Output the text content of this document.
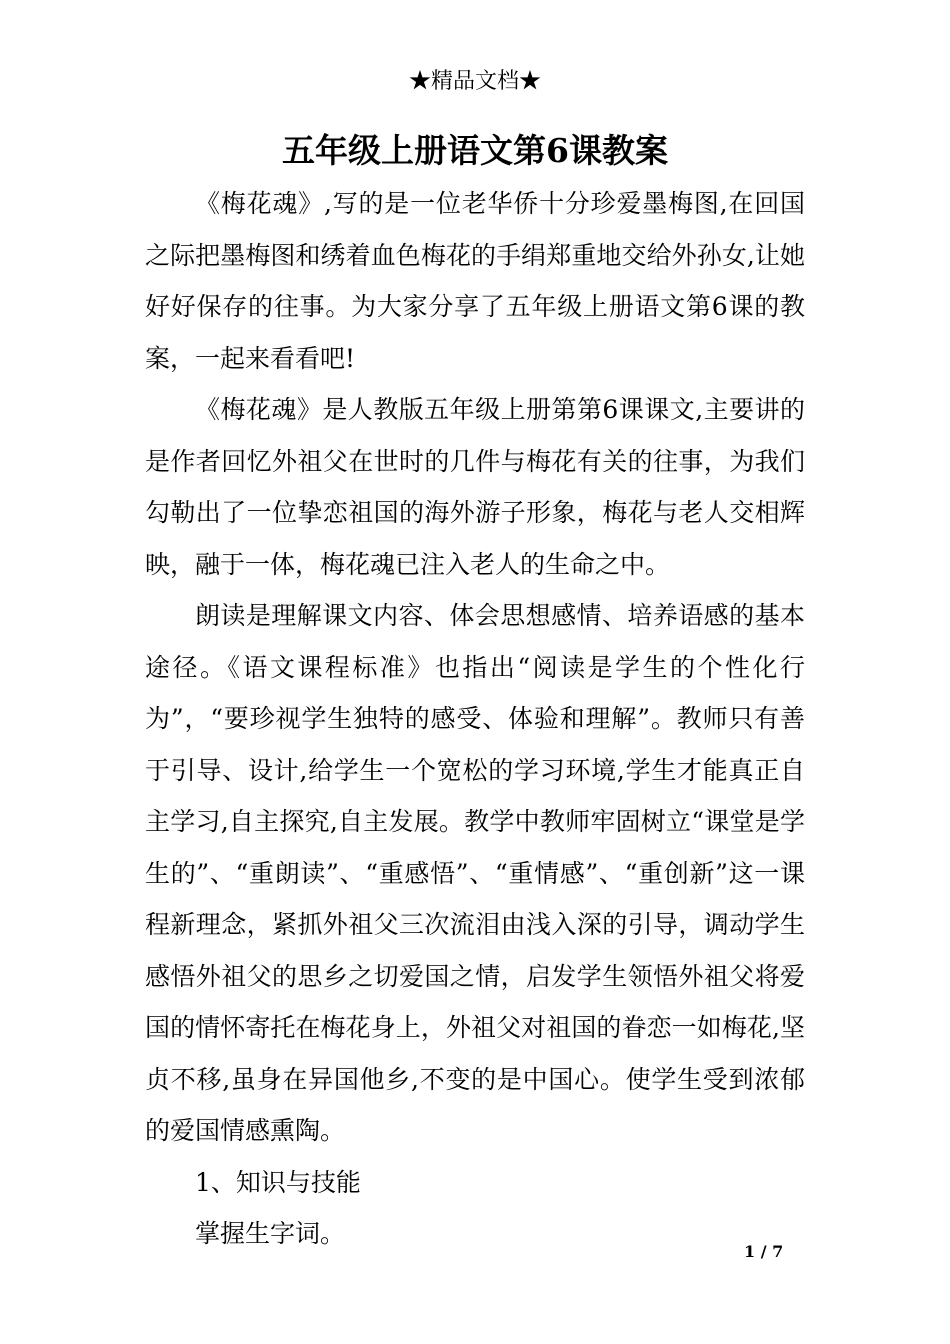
★精品文档★
五年级上册语文第6课教案

《梅花魂》,写的是一位老华侨十分珍爱墨梅图,在回国之际把墨梅图和绣着血色梅花的手绢郑重地交给外孙女,让她好好保存的往事。为大家分享了五年级上册语文第6课的教案，一起来看看吧!

《梅花魂》是人教版五年级上册第第6课课文,主要讲的是作者回忆外祖父在世时的几件与梅花有关的往事，为我们勾勒出了一位挚恋祖国的海外游子形象，梅花与老人交相辉映，融于一体，梅花魂已注入老人的生命之中。

朗读是理解课文内容、体会思想感情、培养语感的基本途径。《语文课程标准》也指出“阅读是学生的个性化行为”，“要珍视学生独特的感受、体验和理解”。教师只有善于引导、设计,给学生一个宽松的学习环境,学生才能真正自主学习,自主探究,自主发展。教学中教师牢固树立“课堂是学生的”、“重朗读”、“重感悟”、“重情感”、“重创新”这一课程新理念，紧抓外祖父三次流泪由浅入深的引导，调动学生感悟外祖父的思乡之切爱国之情，启发学生领悟外祖父将爱国的情怀寄托在梅花身上，外祖父对祖国的眷恋一如梅花,坚贞不移,虽身在异国他乡,不变的是中国心。使学生受到浓郁的爱国情感熏陶。

1、知识与技能

掌握生字词。

1 / 7
